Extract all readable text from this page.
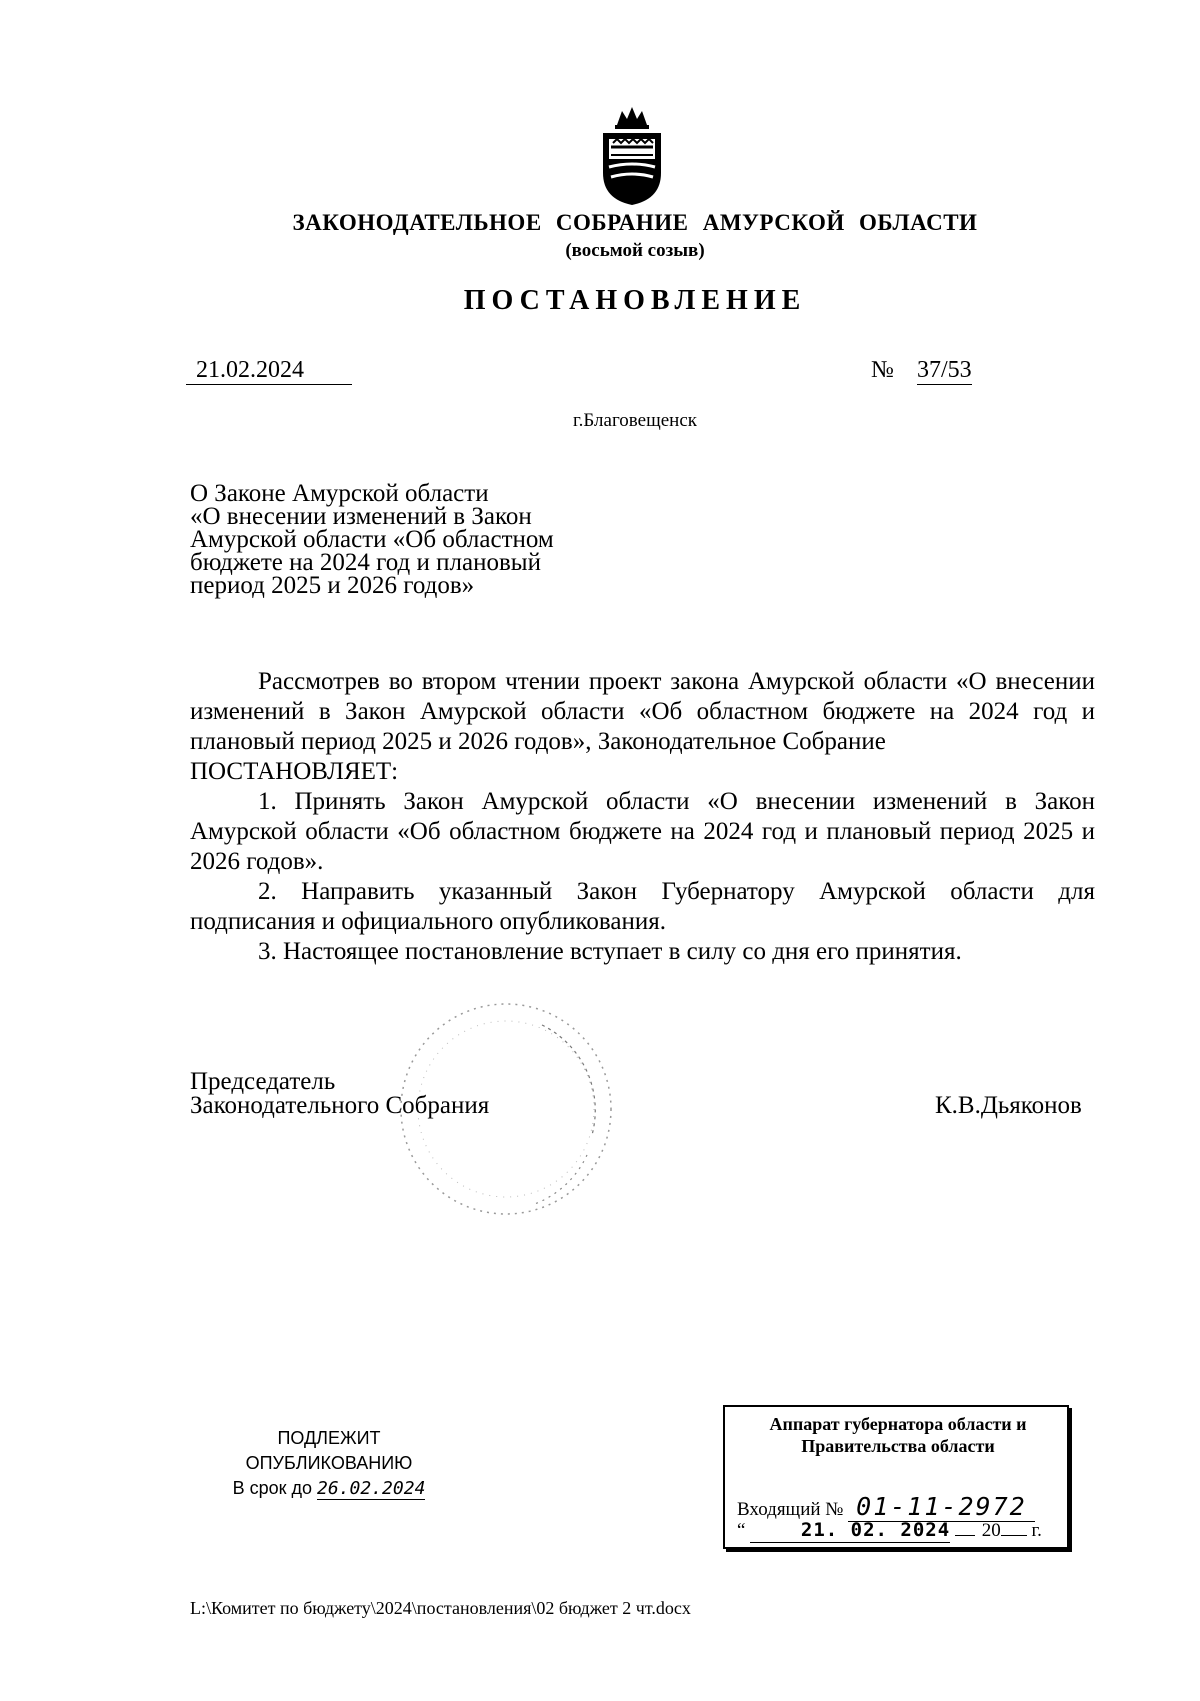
ЗАКОНОДАТЕЛЬНОЕ СОБРАНИЕ АМУРСКОЙ ОБЛАСТИ
(восьмой созыв)
ПОСТАНОВЛЕНИЕ
21.02.2024	№ 37/53
г.Благовещенск
О Законе Амурской области
«О внесении изменений в Закон
Амурской области «Об областном
бюджете на 2024 год и плановый
период 2025 и 2026 годов»

Рассмотрев во втором чтении проект закона Амурской области «О внесении изменений в Закон Амурской области «Об областном бюджете на 2024 год и плановый период 2025 и 2026 годов», Законодательное Собрание

ПОСТАНОВЛЯЕТ:

1. Принять Закон Амурской области «О внесении изменений в Закон Амурской области «Об областном бюджете на 2024 год и плановый период 2025 и 2026 годов».

2. Направить указанный Закон Губернатору Амурской области для подписания и официального опубликования.

3. Настоящее постановление вступает в силу со дня его принятия.

Председатель
Законодательного Собрания	К.В.Дьяконов
ПОДЛЕЖИТ
ОПУБЛИКОВАНИЮ
В срок до 26.02.2024
Аппарат губернатора области и
Правительства области
Входящий № 01-11-2972
“	21. 02. 2024 20 г.
L:\Комитет по бюджету\2024\постановления\02 бюджет 2 чт.docx
